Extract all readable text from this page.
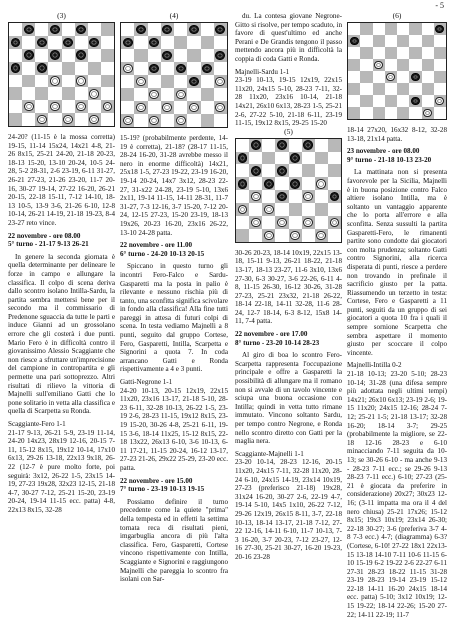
- 5
(3)
24-20? (11-15 è la mossa corretta) 19-15, 11-14 15x24, 14x21 4-8, 21-26 8x15, 25-21 24-20, 21-18 20-23, 18-13 15-20, 13-10 20-24, 10-5 24-28, 5-2 28-31, 2-6 23-19, 6-11 31-27, 26-21 27-23, 21-26 23-20, 11-7 20-16, 30-27 19-14, 27-22 16-20, 26-21 20-15, 22-18 15-11, 7-12 14-10, 18-13 10-5, 13-9 3-6, 21-26 6-10, 12-8 10-14, 26-21 14-19, 21-18 19-23, 8-4 23-27 reto vince.
22 novembre - ore 08.00
5° turno - 21-17 9-13 26-21
In genere la seconda giornata è quella determinante per delineare le forze in campo e allungare la classifica. Il colpo di scena deriva dallo scontro isolano Intilla-Sardu, la partita sembra mettersi bene per il secondo ma il commissario di Predenone sguaccia da tutte le parti e induce Gianni ad un grossolano errore che gli costerà i due punti. Mario Fero è in difficoltà contro il giovanissimo Alessio Scaggiante che non riesce a sfruttare un'imprecisione del campione in contropartita e gli permette una pari sottoprezzo. Altri risultati di rilievo la vittoria di Majnelli sull'emiliano Gatti che lo pone solitario in vetta alla classifica e quella di Scarpetta su Ronda.
Scaggiante-Fero 1-1
21-17 9-13, 26-21 5-9, 23-19 11-14, 24-20 14x23, 28x19 12-16, 20-15 7-11, 15-12 8x15, 19x12 10-14, 17x10 6x13, 29-26 13-18, 22x13 9x18, 26-22 (12-7 è pure molto forte, poi seguirà: 3x12, 26-22 1-5, 23x15 14-19, 27-23 19x28, 32x23 12-15, 21-18 4-7, 30-27 7-12, 25-21 15-20, 23-19 20-24, 19-14 11-15 ecc. patta) 4-8, 22x13 8x15, 32-28
(4)
15-19? (probabilmente perdente, 14-19 è corretta), 21-18? (28-17 11-15, 28-24 16-20, 31-28 avrebbe messo il nero in enorme difficoltà) 14x21, 25x18 1-5, 27-23 19-22, 23-19 16-20, 19-14 20-24, 14x7 3x12, 28-23 22-27, 31-x22 24-28, 23-19 5-10, 13x6 2x11, 19-14 11-15, 14-11 28-31, 11-7 31-27, 7-3 12-16, 3-7 15-20, 7-12 20-24, 12-15 27-23, 15-20 23-19, 18-13 19x26, 20-23 16-20, 23x16 26-22, 13-10 24-28 patta.
22 novembre - ore 11.00
6° turno - 24-20 10-13 20-15
Spiccano in questo turno gli incontri Fero-Falco e Sardu-Gasparetti ma la posta in palio è rilevante e nessuno rischia più di tanto, una sconfitta significa scivolare in fondo alla classifica! Alla fine tutti pareggi in attesa di futuri colpi di scena. In testa vediamo Majnelli a 8 punti, seguito dal gruppo Cortese, Fero, Gasparetti, Intilla, Scarpetta e Signorini a quota 7. In coda arrancano Gatti e Ronda rispettivamente a 4 e 3 punti.
Gatti-Negrone 1-1
24-20 10-13, 20-15 12x19, 22x15 11x20, 23x16 13-17, 21-18 5-10, 28-23 6-11, 32-28 10-13, 26-22 1-5, 23-19 2-6, 28-23 11-15, 19x12 8x15, 23-19 15-20, 30-26 4-8, 25-21 6-11, 19-15 3-6, 18-14 11x25, 15-12 8x15, 22-18 13x22, 26x13 6-10, 3-6 10-13, 6-11 17-21, 11-15 20-24, 16-12 13-17, 27-23 21-26, 29x22 25-29, 23-20 ecc. patta.
22 novembre - ore 15.00
7° turno - 23-19 10-13 19-15
Possiamo definire il turno precedente come la quiete "prima" della tempesta ed in effetti la settima tornata reca di risultati pieni, imgarbuglia ancora di più l'alta classifica. Fero, Gasparetti, Cortese vincono rispettivamente con Intilla, Scaggiante e Signorini e raggiungono Majnelli che pareggia lo scontro fra isolani con Sar-
du. La contesa giovane Negrone-Gitto si risolve, per tempo scaduto, in favore di quest'ultimo ed anche Perani e De Grandis tengono il passo mettendo ancora più in difficoltà la coppia di coda Gatti e Ronda.
Majnelli-Sardu 1-1
23-19 10-13, 19-15 12x19, 22x15 11x20, 24x15 5-10, 28-23 7-11, 32-28 11x20, 23x16 10-14, 21-18 14x21, 26x10 6x13, 28-23 1-5, 25-21 2-6, 27-22 5-10, 21-18 6-11, 23-19 11-15, 19x12 8x15, 29-25 15-20
(5)
30-26 20-23, 18-14 10x19, 22x15 13-18, 15-11 9-13, 26-21 18-22, 21-18 13-17, 18-13 23-27, 11-6 3x10, 13x6 27-30, 6-3 30-27, 3-6 22-26, 6-11 4-8, 11-15 26-30, 16-12 30-26, 31-28 27-23, 25-21 23x32, 21-18 26-22, 18-14 22-18, 14-11 32-28, 11-6 28-24, 12-7 18-14, 6-3 8-12, 15x8 14-11, 7-4 patta.
22 novembre - ore 17.00
8° turno - 23-20 10-14 28-23
Al giro di boa lo scontro Fero-Scarpetta rappresenta l'occupazione principale e offre a Gasparetti la possibilità di allungare ma il romano non si avvale di un tavolo vincente e sciupa una buona occasione con Intilla; quindi in vetta tutto rimane immutato. Vincono soltanto Sardu, per tempo contro Negrone, e Ronda nello scontro diretto con Gatti per la maglia nera.
Scaggiante-Majnelli 1-1
23-20 10-14, 28-23 12-16, 20-15 11x20, 24x15 7-11, 32-28 11x20, 28-24 6-10, 24x15 14-19, 23x14 10x19, 27-23 (preferisco 21-18) 19x28, 31x24 16-20, 30-27 2-6, 22-19 4-7, 19-14 5-10, 14x5 1x10, 26-22 7-12, 29-26 12x19, 26x15 8-11, 3-7, 22-18 10-13, 18-14 13-17, 21-18 7-12, 27-22 12-16, 14-11 6-10, 11-7 10-13, 7-3 16-20, 3-7 20-23, 7-12 23-27, 12-16 27-30, 25-21 30-27, 16-20 19-23, 20-16 23-28
(6)
18-14 27x20, 16x32 8-12, 32-28 13-18, 21x14 patta.
23 novembre - ore 08.00
9° turno - 21-18 10-13 23-20
La mattinata non si presenta favorevole per la Sicilia, Majnelli è in buona posizione contro Falco altiere isolano Intilla, ma è soltanto un vantaggio apparente che lo porta all'errore e alla sconfitta. Senza sussulti la partita Gasparetti-Fero, le rimanenti partite sono condotte dai giocatori con molta prudenza; soltanto Gatti contro Signorini, alla ricerca disperata di punti, riesce a perdere non trovando in prefinale il sacrificio giusto per la patta. Riassumendo un terzetto in testa: Cortese, Fero e Gasparetti a 11 punti, seguiti da un gruppo di sei giocatori a quota 10 fra i quali il sempre sornione Scarpetta che sembra aspettare il momento giusto per scoccare il colpo vincente.
Majnelli-Intilla 0-2
21-18 10-13; 23-20 5-10; 28-23 10-14; 31-28 (una difesa sempre più adottata negli ultimi tempi) 14x21; 26x10 6x13; 23-19 2-6; 19-15 11x20; 24x15 12-16; 28-24 7-12; 25-21 1-5; 21-18 13-17; 32-28 16-20; 18-14 3-7; 29-25 (probabilmente la migliore, se 22-18 12-16 28-23 e 6-10 minacciando 7-11 seguita da 10-13; se 30-26 6-10 - ma anche 9-13 - 28-23 7-11 ecc.; se 29-26 9-13 28-23 7-11 ecc.) 6-10; 27-23 (25-21 è giocata da preferire in considerazione) 20x27; 30x23 12-16; (3-11 impatta ma ora il 4 del nero chiusa) 25-21 17x26; 15-12 8x15; 19x3 10x19; 23x14 26-30; 22-18 30-27; 3-6 (preferiva 3-7 4-8 7-3 ecc.) 4-7; (diagramma) 6-3? (Cortese, 6-10! 27-22 18x1 22x13-15 13-18 14-10 7-11 10-6 11-15 6-10 15-19 6-2 19-22 2-6 22-27 6-11 27-31 28-23 18-22 11-15 31-28 23-19 28-23 19-14 23-19 15-12 22-18 14-11 16-20 24x15 18-14 ecc. patta) 5-10; 3x12 10x19; 12-15 19-22; 18-14 22-26; 15-20 27-22; 14-11 22-19; 11-7
